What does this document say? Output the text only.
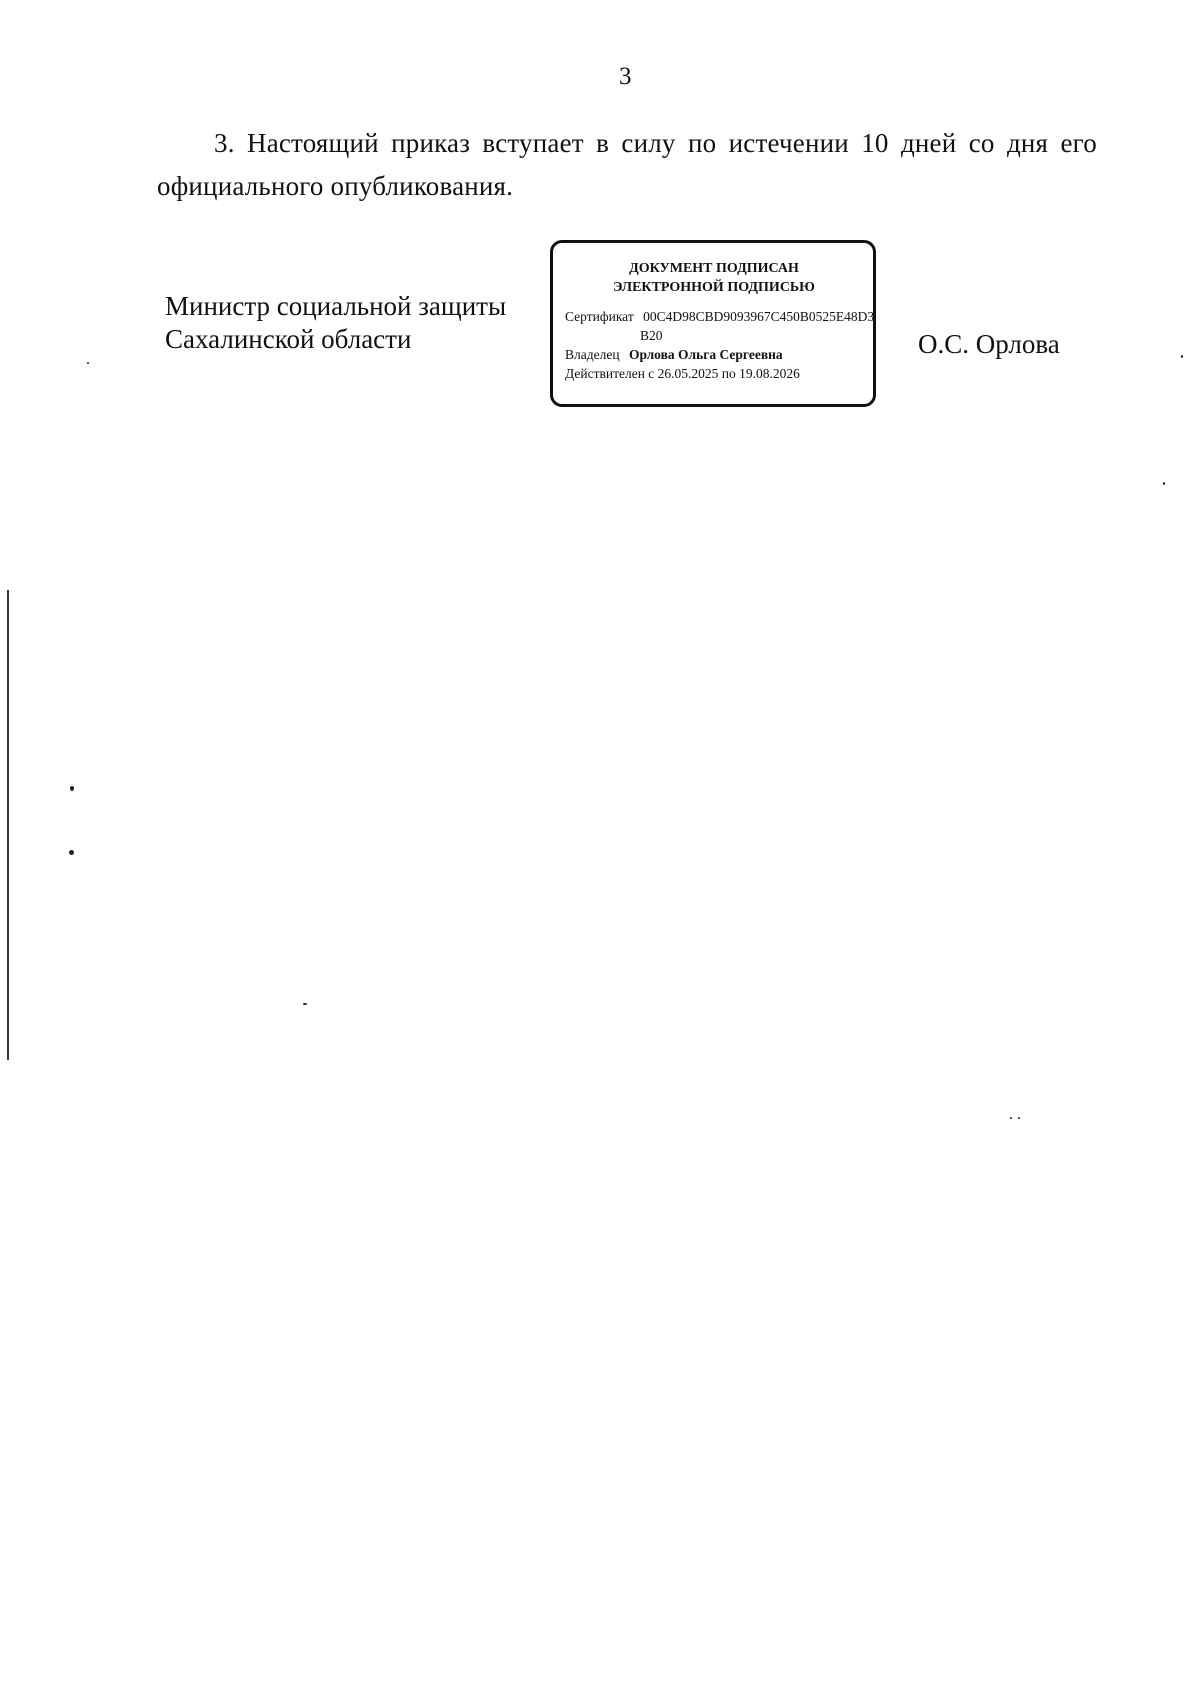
3

3. Настоящий приказ вступает в силу по истечении 10 дней со дня его официального опубликования.

Министр социальной защиты
Сахалинской области
ДОКУМЕНТ ПОДПИСАН
ЭЛЕКТРОННОЙ ПОДПИСЬЮ
Сертификат 00C4D98CBD9093967C450B0525E48D3
B20
Владелец Орлова Ольга Сергеевна
Действителен с 26.05.2025 по 19.08.2026
О.С. Орлова
